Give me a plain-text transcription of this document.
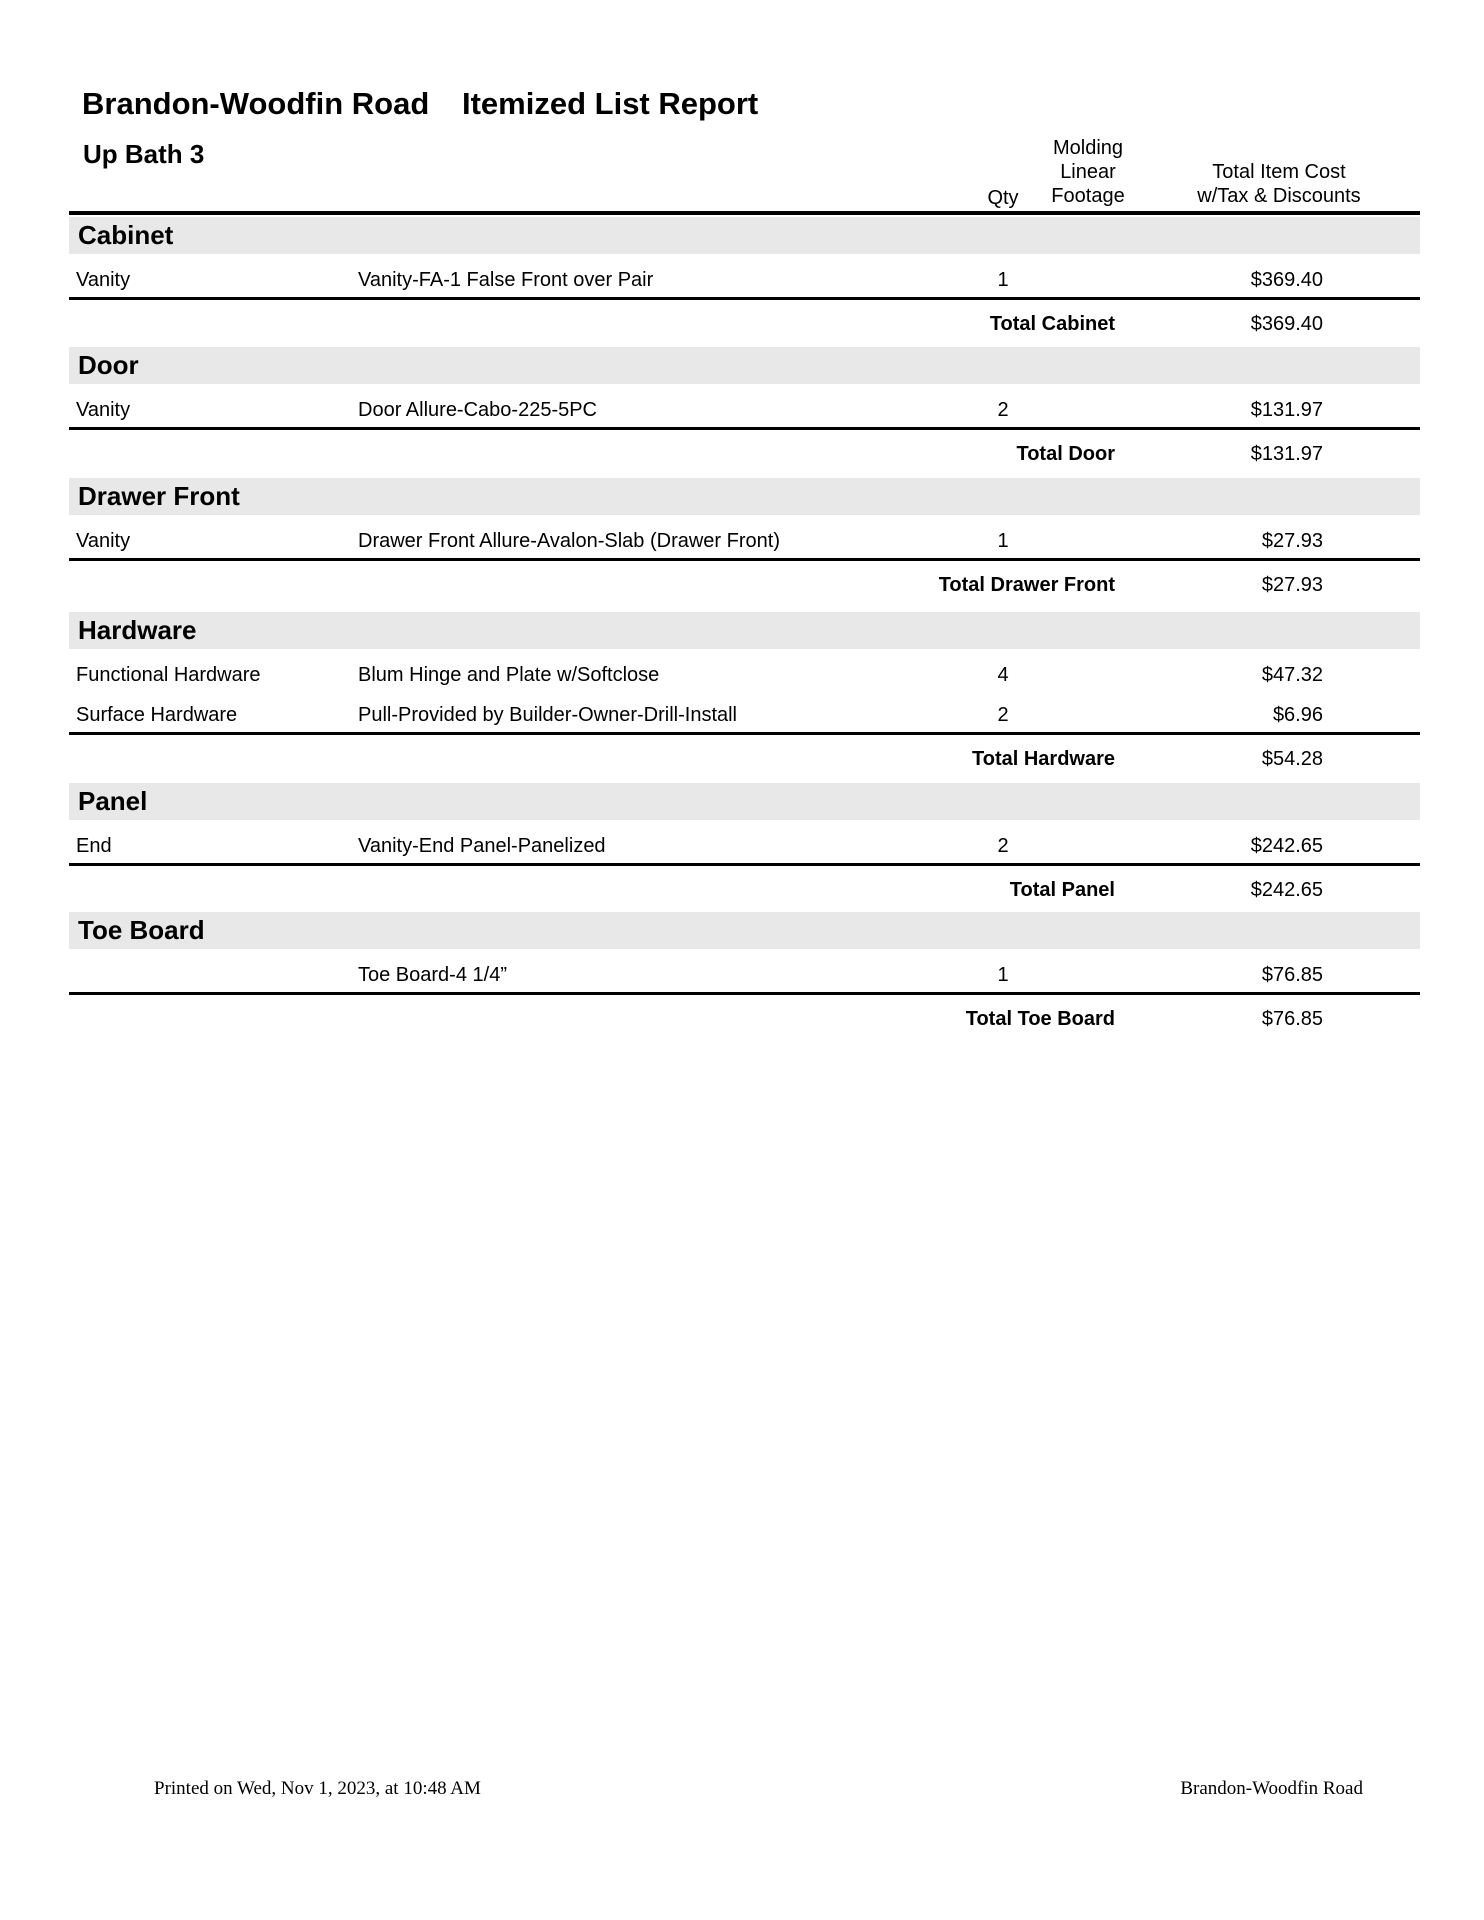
Brandon-Woodfin Road Itemized List Report
Up Bath 3
Qty
Molding
Linear
Footage
Total Item Cost
w/Tax & Discounts
Cabinet
Vanity	Vanity-FA-1 False Front over Pair	1	$369.40
Total Cabinet	$369.40
Door
Vanity	Door Allure-Cabo-225-5PC	2	$131.97
Total Door	$131.97
Drawer Front
Vanity	Drawer Front Allure-Avalon-Slab (Drawer Front)	1	$27.93
Total Drawer Front	$27.93
Hardware
Functional Hardware	Blum Hinge and Plate w/Softclose	4	$47.32
Surface Hardware	Pull-Provided by Builder-Owner-Drill-Install	2	$6.96
Total Hardware	$54.28
Panel
End	Vanity-End Panel-Panelized	2	$242.65
Total Panel	$242.65
Toe Board
Toe Board-4 1/4”	1	$76.85
Total Toe Board	$76.85
Printed on Wed, Nov 1, 2023, at 10:48 AM	Brandon-Woodfin Road
